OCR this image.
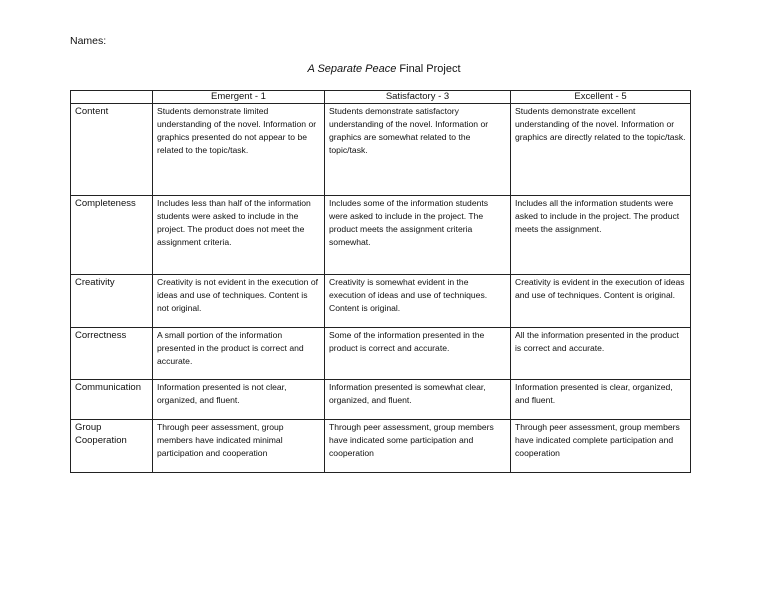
Names:
A Separate Peace Final Project
	Emergent - 1	Satisfactory - 3	Excellent - 5
Content	Students demonstrate limited understanding of the novel. Information or graphics presented do not appear to be related to the topic/task.	Students demonstrate satisfactory understanding of the novel. Information or graphics are somewhat related to the topic/task.	Students demonstrate excellent understanding of the novel. Information or graphics are directly related to the topic/task.
Completeness	Includes less than half of the information students were asked to include in the project. The product does not meet the assignment criteria.	Includes some of the information students were asked to include in the project. The product meets the assignment criteria somewhat.	Includes all the information students were asked to include in the project. The product meets the assignment.
Creativity	Creativity is not evident in the execution of ideas and use of techniques. Content is not original.	Creativity is somewhat evident in the execution of ideas and use of techniques. Content is original.	Creativity is evident in the execution of ideas and use of techniques. Content is original.
Correctness	A small portion of the information presented in the product is correct and accurate.	Some of the information presented in the product is correct and accurate.	All the information presented in the product is correct and accurate.
Communication	Information presented is not clear, organized, and fluent.	Information presented is somewhat clear, organized, and fluent.	Information presented is clear, organized, and fluent.
Group Cooperation	Through peer assessment, group members have indicated minimal participation and cooperation	Through peer assessment, group members have indicated some participation and cooperation	Through peer assessment, group members have indicated complete participation and cooperation
